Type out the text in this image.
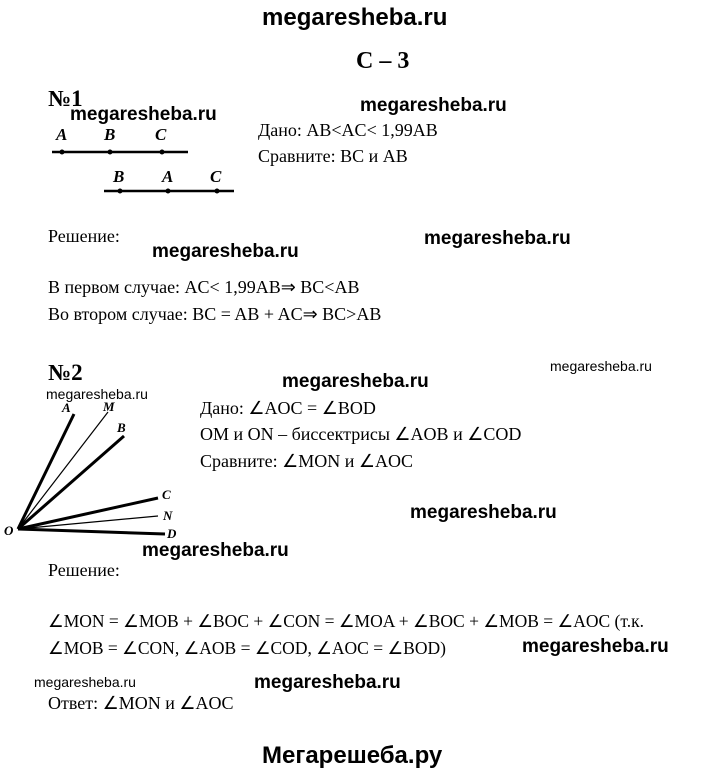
megaresheba.ru
С – 3
№1
megaresheba.ru	megaresheba.ru
A B C
B A C
Дано: AB<AC< 1,99AB
Сравните: BC и AB
Решение:
megaresheba.ru
megaresheba.ru
В первом случае: AC< 1,99AB⇒ BC<AB
Во втором случае: BC = AB + AC⇒ BC>AB
№2	megaresheba.ru
megaresheba.ru
megaresheba.ru
A M
B
C
N
D
O
Дано: ∠AOC = ∠BOD
OM и ON – биссектрисы ∠AOB и ∠COD
Сравните: ∠MON и ∠AOC
megaresheba.ru
megaresheba.ru
Решение:
∠MON = ∠MOB + ∠BOC + ∠CON = ∠MOA + ∠BOC + ∠MOB = ∠AOC (т.к.
∠MOB = ∠CON, ∠AOB = ∠COD, ∠AOC = ∠BOD)	megaresheba.ru
megaresheba.ru	megaresheba.ru
Ответ: ∠MON и ∠AOC
Мегарешеба.ру
